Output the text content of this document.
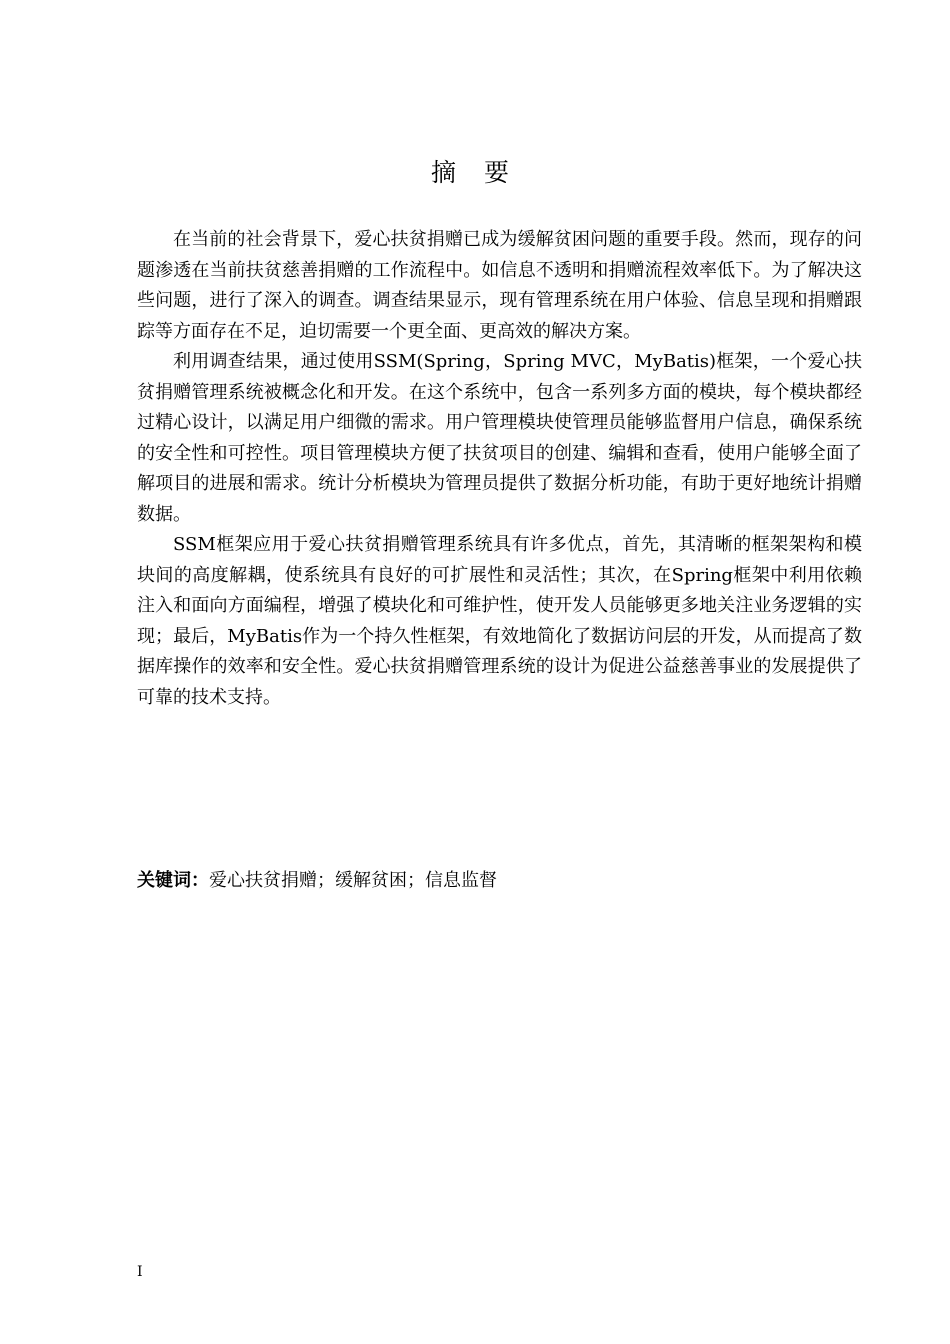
摘 要

在当前的社会背景下，爱心扶贫捐赠已成为缓解贫困问题的重要手段。然而，现存的问题渗透在当前扶贫慈善捐赠的工作流程中。如信息不透明和捐赠流程效率低下。为了解决这些问题，进行了深入的调查。调查结果显示，现有管理系统在用户体验、信息呈现和捐赠跟踪等方面存在不足，迫切需要一个更全面、更高效的解决方案。

利用调查结果，通过使用SSM(Spring，Spring MVC，MyBatis)框架，一个爱心扶贫捐赠管理系统被概念化和开发。在这个系统中，包含一系列多方面的模块，每个模块都经过精心设计，以满足用户细微的需求。用户管理模块使管理员能够监督用户信息，确保系统的安全性和可控性。项目管理模块方便了扶贫项目的创建、编辑和查看，使用户能够全面了解项目的进展和需求。统计分析模块为管理员提供了数据分析功能，有助于更好地统计捐赠数据。

SSM框架应用于爱心扶贫捐赠管理系统具有许多优点，首先，其清晰的框架架构和模块间的高度解耦，使系统具有良好的可扩展性和灵活性；其次，在Spring框架中利用依赖注入和面向方面编程，增强了模块化和可维护性，使开发人员能够更多地关注业务逻辑的实现；最后，MyBatis作为一个持久性框架，有效地简化了数据访问层的开发，从而提高了数据库操作的效率和安全性。爱心扶贫捐赠管理系统的设计为促进公益慈善事业的发展提供了可靠的技术支持。

关键词：爱心扶贫捐赠；缓解贫困；信息监督

I
